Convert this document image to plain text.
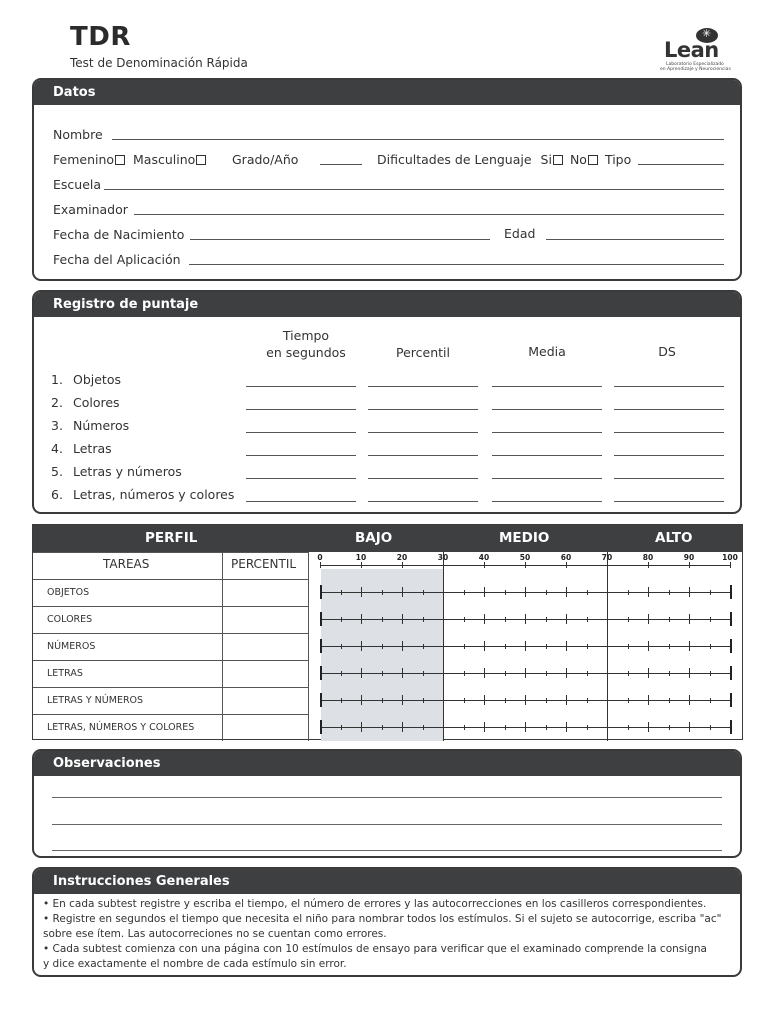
TDR
Test de Denominación Rápida
✳
Lean
Laboratorio Especializado
en Aprendizaje y Neurociencias
Datos
Nombre
Femenino Masculino	Grado/Año	Dificultades de Lenguaje Si No Tipo
Escuela
Examinador
Fecha de Nacimiento	Edad
Fecha del Aplicación
Registro de puntaje
Tiempo
en segundos	Percentil	Media	DS
1. Objetos
2. Colores
3. Números
4. Letras
5. Letras y números
6. Letras, números y colores
PERFIL	BAJO	MEDIO	ALTO
TAREAS	PERCENTIL	0	10	20	30	40	50	60	70	80	90	100
OBJETOS
COLORES
NÚMEROS
LETRAS
LETRAS Y NÚMEROS
LETRAS, NÚMEROS Y COLORES
Observaciones
Instrucciones Generales
• En cada subtest registre y escriba el tiempo, el número de errores y las autocorrecciones en los casilleros correspondientes.
• Registre en segundos el tiempo que necesita el niño para nombrar todos los estímulos. Si el sujeto se autocorrige, escriba "ac"
sobre ese ítem. Las autocorreciones no se cuentan como errores.
• Cada subtest comienza con una página con 10 estímulos de ensayo para verificar que el examinado comprende la consigna
y dice exactamente el nombre de cada estímulo sin error.
